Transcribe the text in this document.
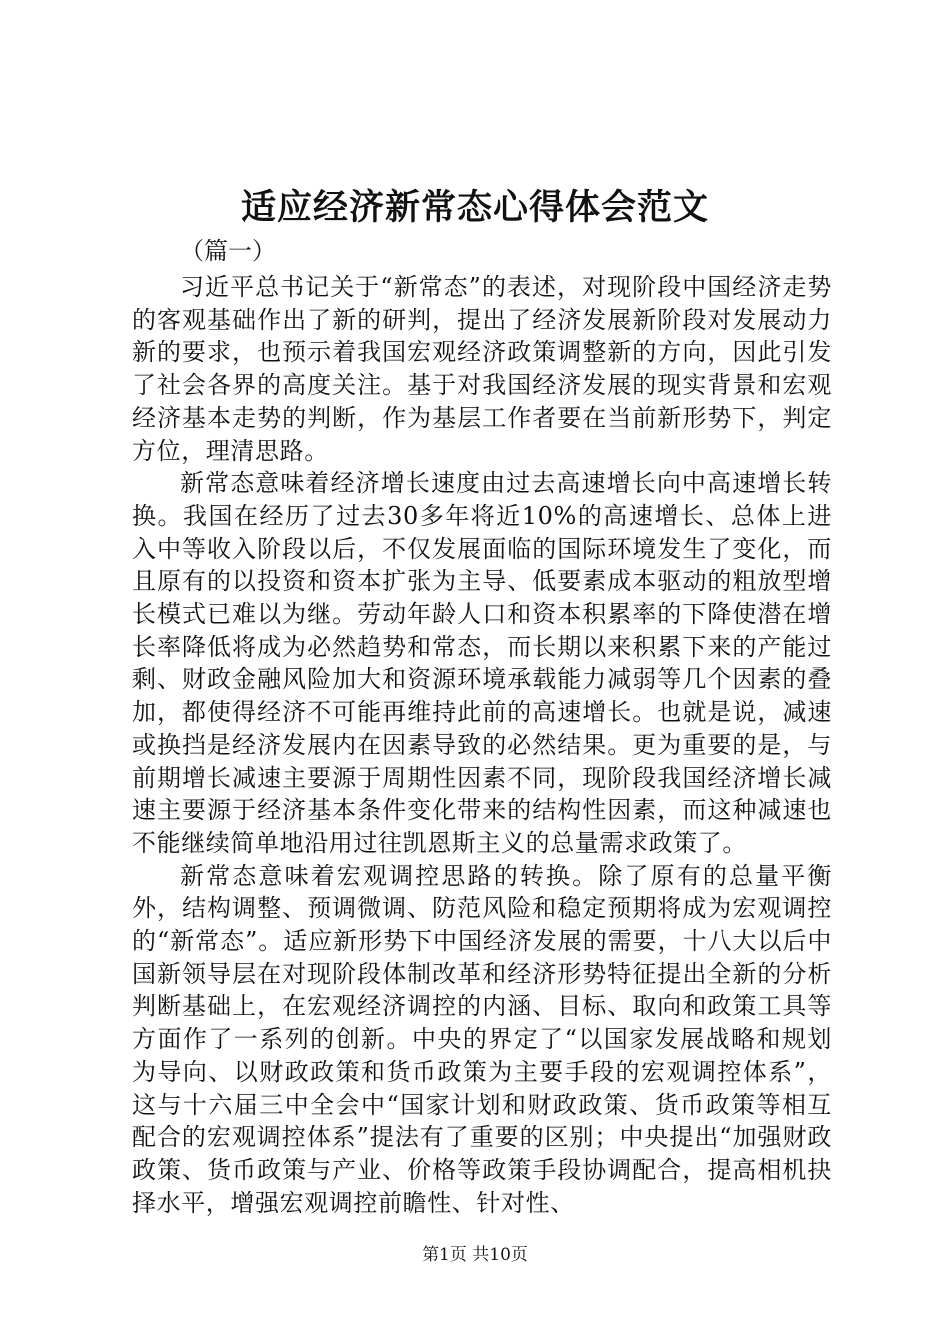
适应经济新常态心得体会范文
（篇一）

习近平总书记关于“新常态”的表述，对现阶段中国经济走势的客观基础作出了新的研判，提出了经济发展新阶段对发展动力新的要求，也预示着我国宏观经济政策调整新的方向，因此引发了社会各界的高度关注。基于对我国经济发展的现实背景和宏观经济基本走势的判断，作为基层工作者要在当前新形势下，判定方位，理清思路。

新常态意味着经济增长速度由过去高速增长向中高速增长转换。我国在经历了过去30多年将近10%的高速增长、总体上进入中等收入阶段以后，不仅发展面临的国际环境发生了变化，而且原有的以投资和资本扩张为主导、低要素成本驱动的粗放型增长模式已难以为继。劳动年龄人口和资本积累率的下降使潜在增长率降低将成为必然趋势和常态，而长期以来积累下来的产能过剩、财政金融风险加大和资源环境承载能力减弱等几个因素的叠加，都使得经济不可能再维持此前的高速增长。也就是说，减速或换挡是经济发展内在因素导致的必然结果。更为重要的是，与前期增长减速主要源于周期性因素不同，现阶段我国经济增长减速主要源于经济基本条件变化带来的结构性因素，而这种减速也不能继续简单地沿用过往凯恩斯主义的总量需求政策了。

新常态意味着宏观调控思路的转换。除了原有的总量平衡外，结构调整、预调微调、防范风险和稳定预期将成为宏观调控的“新常态”。适应新形势下中国经济发展的需要，十八大以后中国新领导层在对现阶段体制改革和经济形势特征提出全新的分析判断基础上，在宏观经济调控的内涵、目标、取向和政策工具等方面作了一系列的创新。中央的界定了“以国家发展战略和规划为导向、以财政政策和货币政策为主要手段的宏观调控体系”，这与十六届三中全会中“国家计划和财政政策、货币政策等相互配合的宏观调控体系”提法有了重要的区别；中央提出“加强财政政策、货币政策与产业、价格等政策手段协调配合，提高相机抉择水平，增强宏观调控前瞻性、针对性、

第1页 共10页
